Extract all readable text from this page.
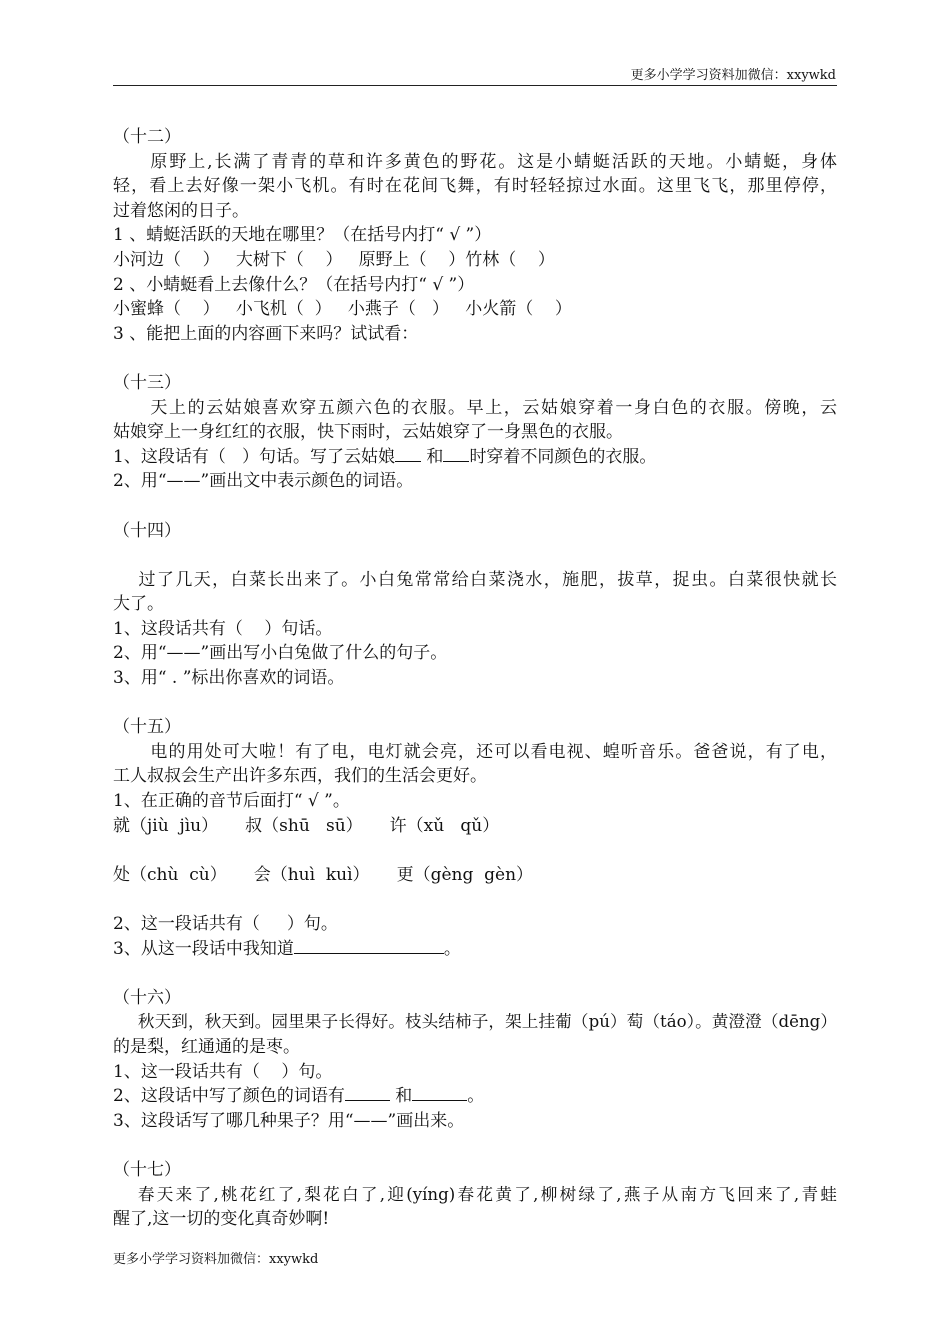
更多小学学习资料加微信：xxywkd
（十二）
原野上,长满了青青的草和许多黄色的野花。这是小蜻蜓活跃的天地。小蜻蜓，身体
轻，看上去好像一架小飞机。有时在花间飞舞，有时轻轻掠过水面。这里飞飞，那里停停，
过着悠闲的日子。
1 、蜻蜓活跃的天地在哪里？（在括号内打“ √ ”）
小河边（    ）   大树下（    ）   原野上（    ）竹林（    ）
2 、小蜻蜓看上去像什么？（在括号内打“ √ ”）
小蜜蜂（    ）   小飞机（  ）   小燕子（   ）   小火箭（    ）
3 、能把上面的内容画下来吗？试试看：
（十三）
天上的云姑娘喜欢穿五颜六色的衣服。早上，云姑娘穿着一身白色的衣服。傍晚，云
姑娘穿上一身红红的衣服，快下雨时，云姑娘穿了一身黑色的衣服。
1、这段话有（   ）句话。写了云姑娘 和 时穿着不同颜色的衣服。
2、用“——”画出文中表示颜色的词语。
（十四）
过了几天，白菜长出来了。小白兔常常给白菜浇水，施肥，拔草，捉虫。白菜很快就长
大了。
1、这段话共有（    ）句话。
2、用“——”画出写小白兔做了什么的句子。
3、用“ . ”标出你喜欢的词语。
（十五）
电的用处可大啦！有了电，电灯就会亮，还可以看电视、蝗听音乐。爸爸说，有了电，
工人叔叔会生产出许多东西，我们的生活会更好。
1、在正确的音节后面打“ √ ”。
就（jiù  jìu）     叔（shū   sū）     许（xǔ   qǔ）
处（chù  cù）     会（huì  kuì）     更（gèng  gèn）
2、这一段话共有（     ）句。
3、从这一段话中我知道	。
（十六）
秋天到，秋天到。园里果子长得好。枝头结柿子，架上挂葡（pú）萄（táo）。黄澄澄（dēng）
的是梨，红通通的是枣。
1、这一段话共有（    ）句。
2、这段话中写了颜色的词语有	和	。
3、这段话写了哪几种果子？用“——”画出来。
（十七）
春天来了,桃花红了,梨花白了,迎(yíng)春花黄了,柳树绿了,燕子从南方飞回来了,青蛙
醒了,这一切的变化真奇妙啊!
更多小学学习资料加微信：xxywkd
